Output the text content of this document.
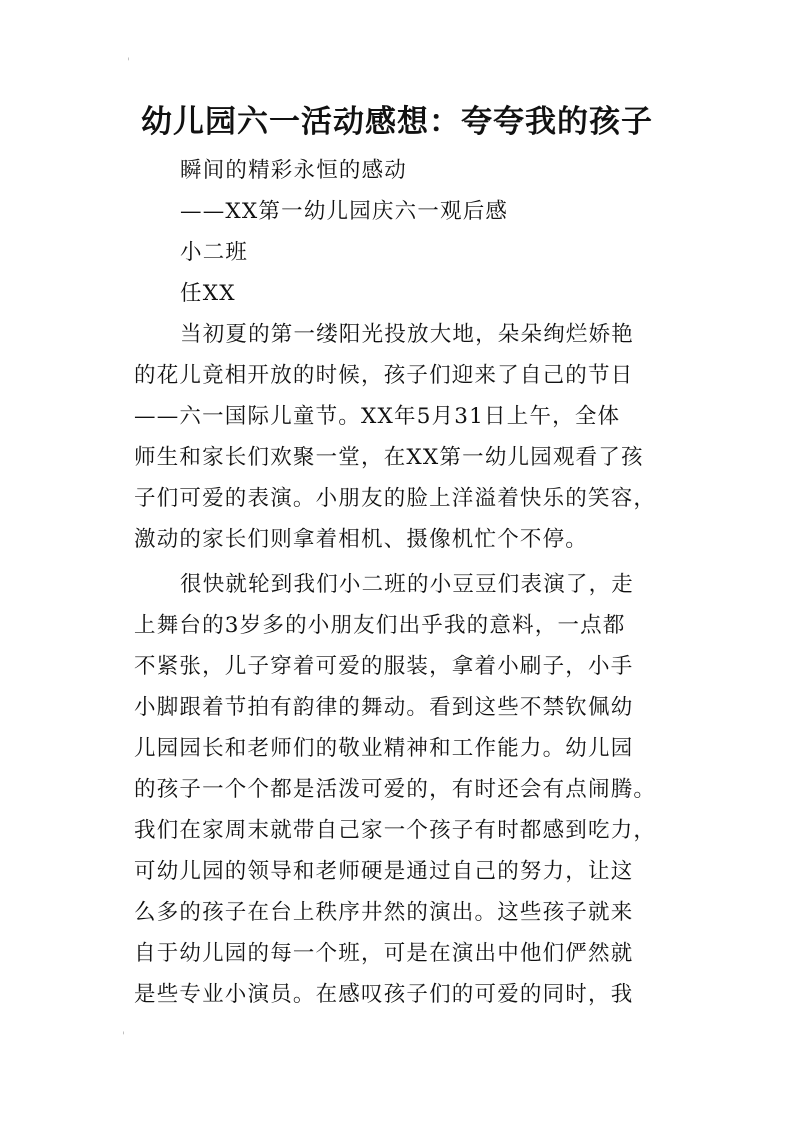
'
幼儿园六一活动感想：夸夸我的孩子
瞬间的精彩永恒的感动
——XX第一幼儿园庆六一观后感
小二班
任XX
当初夏的第一缕阳光投放大地，朵朵绚烂娇艳
的花儿竟相开放的时候，孩子们迎来了自己的节日
——六一国际儿童节。XX年5月31日上午，全体
师生和家长们欢聚一堂，在XX第一幼儿园观看了孩
子们可爱的表演。小朋友的脸上洋溢着快乐的笑容，
激动的家长们则拿着相机、摄像机忙个不停。
很快就轮到我们小二班的小豆豆们表演了，走
上舞台的3岁多的小朋友们出乎我的意料，一点都
不紧张，儿子穿着可爱的服装，拿着小刷子，小手
小脚跟着节拍有韵律的舞动。看到这些不禁钦佩幼
儿园园长和老师们的敬业精神和工作能力。幼儿园
的孩子一个个都是活泼可爱的，有时还会有点闹腾。
我们在家周末就带自己家一个孩子有时都感到吃力，
可幼儿园的领导和老师硬是通过自己的努力，让这
么多的孩子在台上秩序井然的演出。这些孩子就来
自于幼儿园的每一个班，可是在演出中他们俨然就
是些专业小演员。在感叹孩子们的可爱的同时，我
'
